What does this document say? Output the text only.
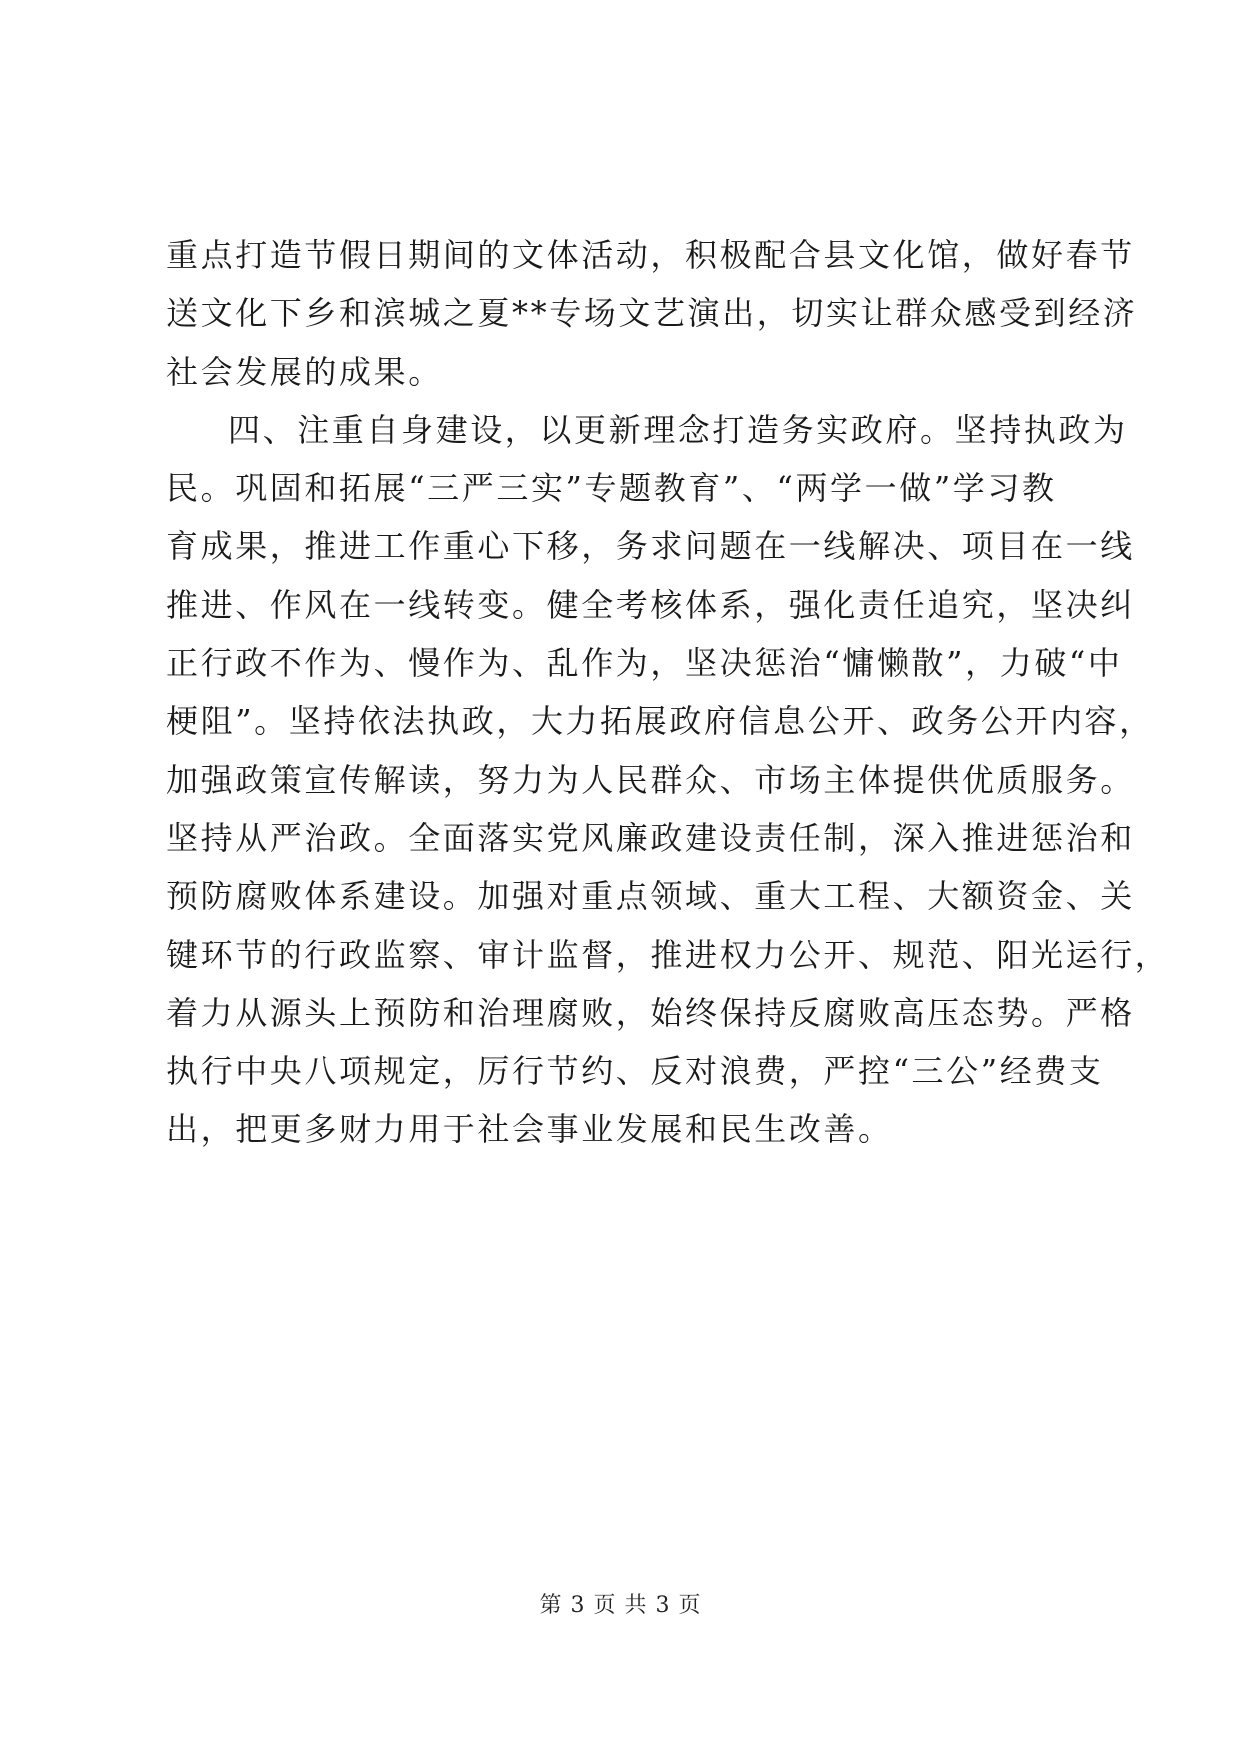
重点打造节假日期间的文体活动，积极配合县文化馆，做好春节
送文化下乡和滨城之夏**专场文艺演出，切实让群众感受到经济
社会发展的成果。
四、注重自身建设，以更新理念打造务实政府。坚持执政为
民。巩固和拓展“三严三实”专题教育”、“两学一做”学习教
育成果，推进工作重心下移，务求问题在一线解决、项目在一线
推进、作风在一线转变。健全考核体系，强化责任追究，坚决纠
正行政不作为、慢作为、乱作为，坚决惩治“慵懒散”，力破“中
梗阻”。坚持依法执政，大力拓展政府信息公开、政务公开内容，
加强政策宣传解读，努力为人民群众、市场主体提供优质服务。
坚持从严治政。全面落实党风廉政建设责任制，深入推进惩治和
预防腐败体系建设。加强对重点领域、重大工程、大额资金、关
键环节的行政监察、审计监督，推进权力公开、规范、阳光运行，
着力从源头上预防和治理腐败，始终保持反腐败高压态势。严格
执行中央八项规定，厉行节约、反对浪费，严控“三公”经费支
出，把更多财力用于社会事业发展和民生改善。
第 3 页 共 3 页
